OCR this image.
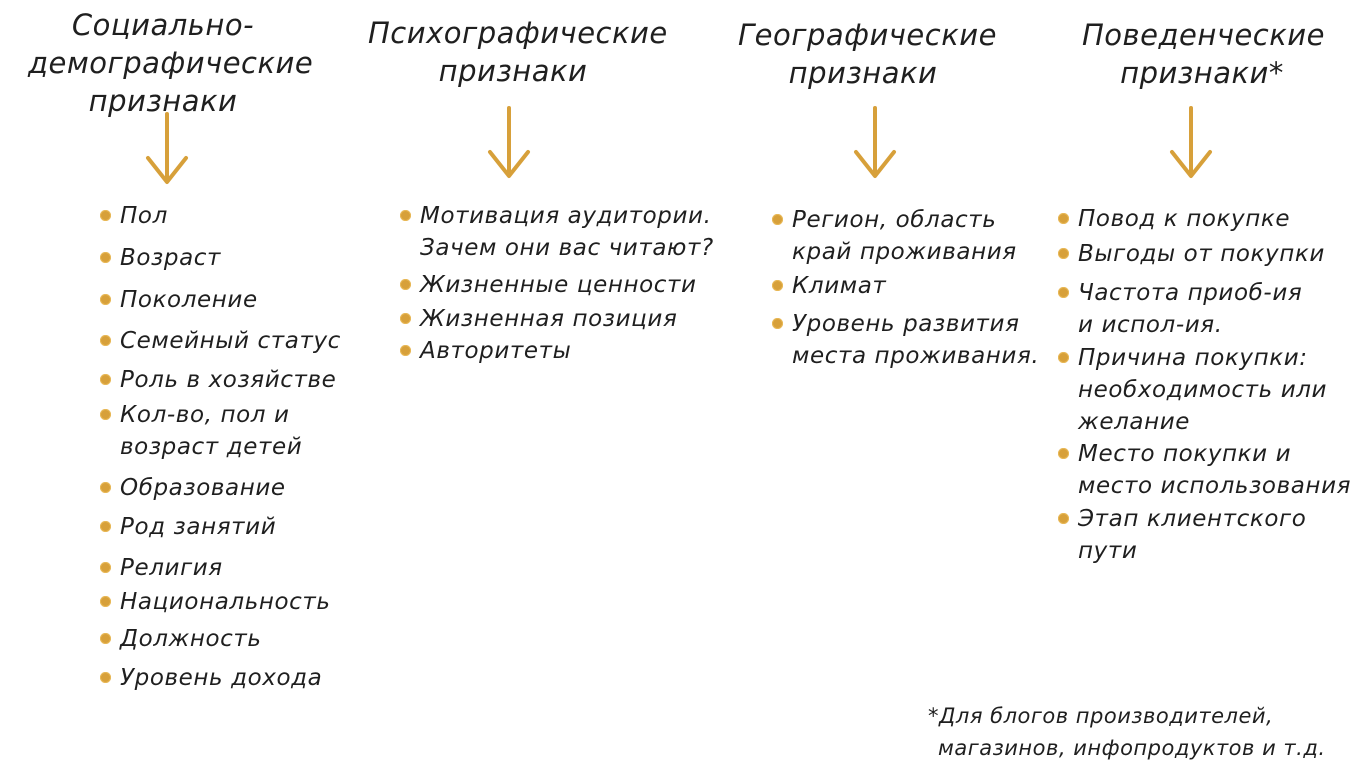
Социально-
демографические
признаки
Пол
Возраст
Поколение
Семейный статус
Роль в хозяйстве
Кол-во, пол и
возраст детей
Образование
Род занятий
Религия
Национальность
Должность
Уровень дохода
Психографические
признаки
Мотивация аудитории.
Зачем они вас читают?
Жизненные ценности
Жизненная позиция
Авторитеты
Географические
признаки
Регион, область
край проживания
Климат
Уровень развития
места проживания.
Поведенческие
признаки*
Повод к покупке
Выгоды от покупки
Частота приоб-ия
и испол-ия.
Причина покупки:
необходимость или
желание
Место покупки и
место использования
Этап клиентского
пути
*Для блогов производителей,
магазинов, инфопродуктов и т.д.
